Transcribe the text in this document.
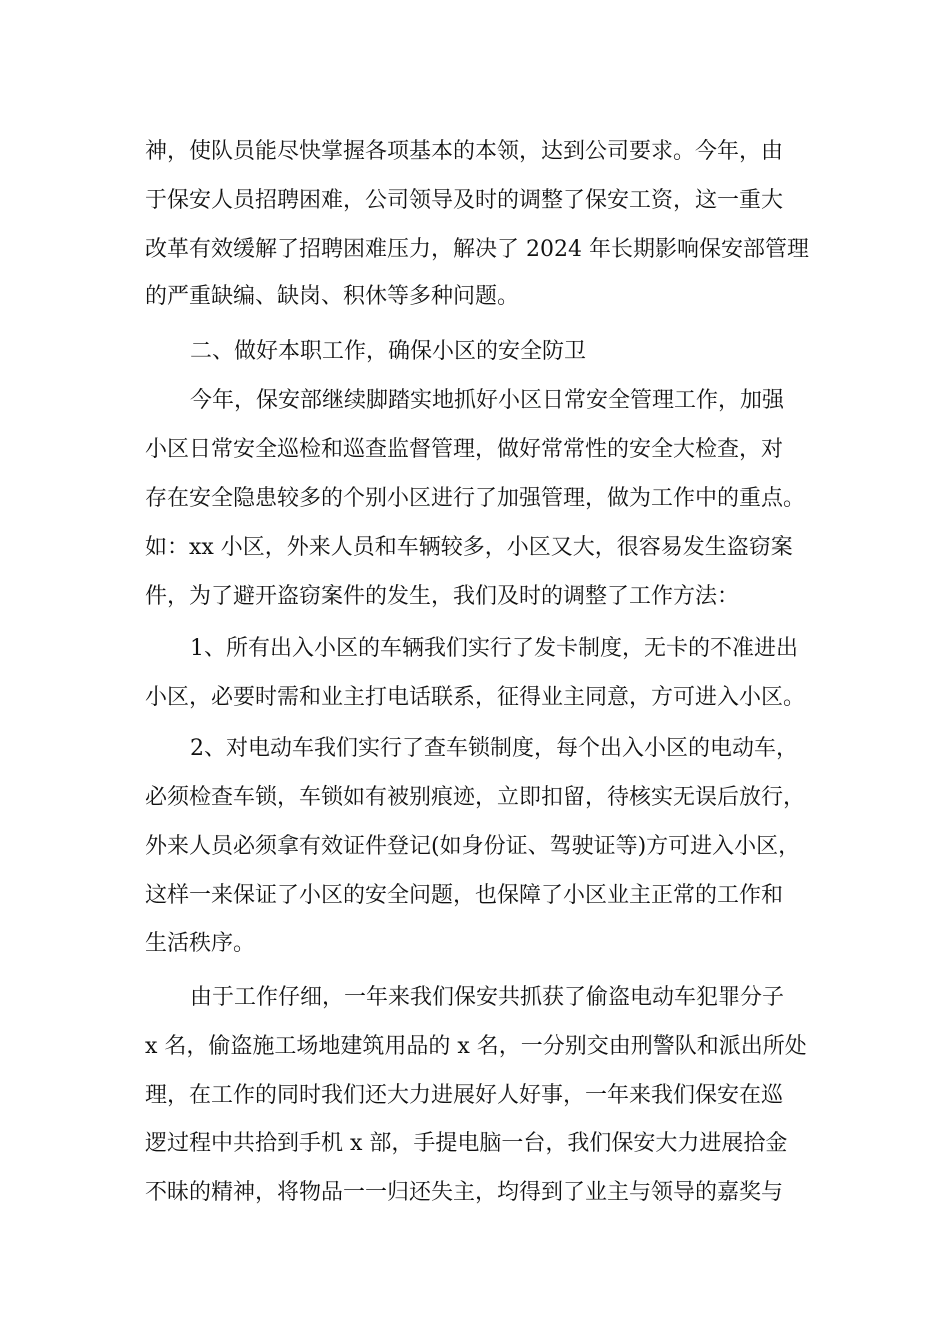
神，使队员能尽快掌握各项基本的本领，达到公司要求。今年，由

于保安人员招聘困难，公司领导及时的调整了保安工资，这一重大

改革有效缓解了招聘困难压力，解决了 2024 年长期影响保安部管理

的严重缺编、缺岗、积休等多种问题。

二、做好本职工作，确保小区的安全防卫

今年，保安部继续脚踏实地抓好小区日常安全管理工作，加强

小区日常安全巡检和巡查监督管理，做好常常性的安全大检查，对

存在安全隐患较多的个别小区进行了加强管理，做为工作中的重点。

如：xx 小区，外来人员和车辆较多，小区又大，很容易发生盗窃案

件，为了避开盗窃案件的发生，我们及时的调整了工作方法：

1、所有出入小区的车辆我们实行了发卡制度，无卡的不准进出

小区，必要时需和业主打电话联系，征得业主同意，方可进入小区。

2、对电动车我们实行了查车锁制度，每个出入小区的电动车，

必须检查车锁，车锁如有被别痕迹，立即扣留，待核实无误后放行，

外来人员必须拿有效证件登记(如身份证、驾驶证等)方可进入小区，

这样一来保证了小区的安全问题，也保障了小区业主正常的工作和

生活秩序。

由于工作仔细，一年来我们保安共抓获了偷盗电动车犯罪分子

x 名，偷盗施工场地建筑用品的 x 名，一分别交由刑警队和派出所处

理，在工作的同时我们还大力进展好人好事，一年来我们保安在巡

逻过程中共拾到手机 x 部，手提电脑一台，我们保安大力进展拾金

不昧的精神，将物品一一归还失主，均得到了业主与领导的嘉奖与
